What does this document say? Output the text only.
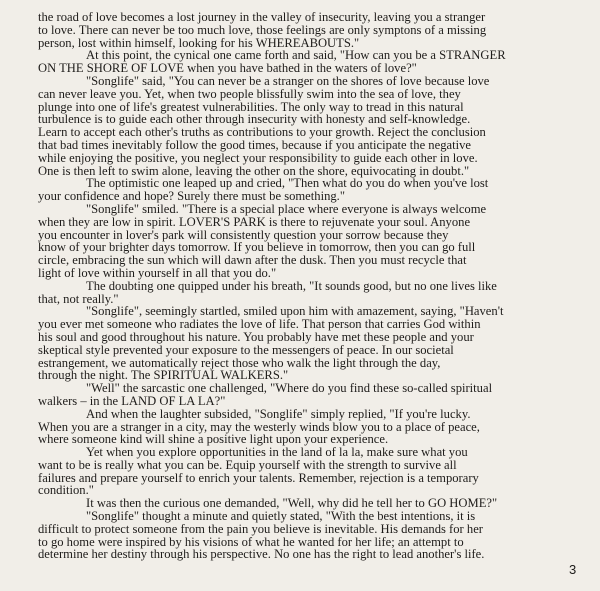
the road of love becomes a lost journey in the valley of insecurity, leaving you a stranger
to love. There can never be too much love, those feelings are only symptons of a missing
person, lost within himself, looking for his WHEREABOUTS."
At this point, the cynical one came forth and said, "How can you be a STRANGER
ON THE SHORE OF LOVE when you have bathed in the waters of love?"
"Songlife" said, "You can never be a stranger on the shores of love because love
can never leave you. Yet, when two people blissfully swim into the sea of love, they
plunge into one of life's greatest vulnerabilities. The only way to tread in this natural
turbulence is to guide each other through insecurity with honesty and self-knowledge.
Learn to accept each other's truths as contributions to your growth. Reject the conclusion
that bad times inevitably follow the good times, because if you anticipate the negative
while enjoying the positive, you neglect your responsibility to guide each other in love.
One is then left to swim alone, leaving the other on the shore, equivocating in doubt."
The optimistic one leaped up and cried, "Then what do you do when you've lost
your confidence and hope? Surely there must be something."
"Songlife" smiled. "There is a special place where everyone is always welcome
when they are low in spirit. LOVER'S PARK is there to rejuvenate your soul. Anyone
you encounter in lover's park will consistently question your sorrow because they
know of your brighter days tomorrow. If you believe in tomorrow, then you can go full
circle, embracing the sun which will dawn after the dusk. Then you must recycle that
light of love within yourself in all that you do."
The doubting one quipped under his breath, "It sounds good, but no one lives like
that, not really."
"Songlife", seemingly startled, smiled upon him with amazement, saying, "Haven't
you ever met someone who radiates the love of life. That person that carries God within
his soul and good throughout his nature. You probably have met these people and your
skeptical style prevented your exposure to the messengers of peace. In our societal
estrangement, we automatically reject those who walk the light through the day,
through the night. The SPIRITUAL WALKERS."
"Well" the sarcastic one challenged, "Where do you find these so-called spiritual
walkers – in the LAND OF LA LA?"
And when the laughter subsided, "Songlife" simply replied, "If you're lucky.
When you are a stranger in a city, may the westerly winds blow you to a place of peace,
where someone kind will shine a positive light upon your experience.
Yet when you explore opportunities in the land of la la, make sure what you
want to be is really what you can be. Equip yourself with the strength to survive all
failures and prepare yourself to enrich your talents. Remember, rejection is a temporary
condition."
It was then the curious one demanded, "Well, why did he tell her to GO HOME?"
"Songlife" thought a minute and quietly stated, "With the best intentions, it is
difficult to protect someone from the pain you believe is inevitable. His demands for her
to go home were inspired by his visions of what he wanted for her life; an attempt to
determine her destiny through his perspective. No one has the right to lead another's life.
3
